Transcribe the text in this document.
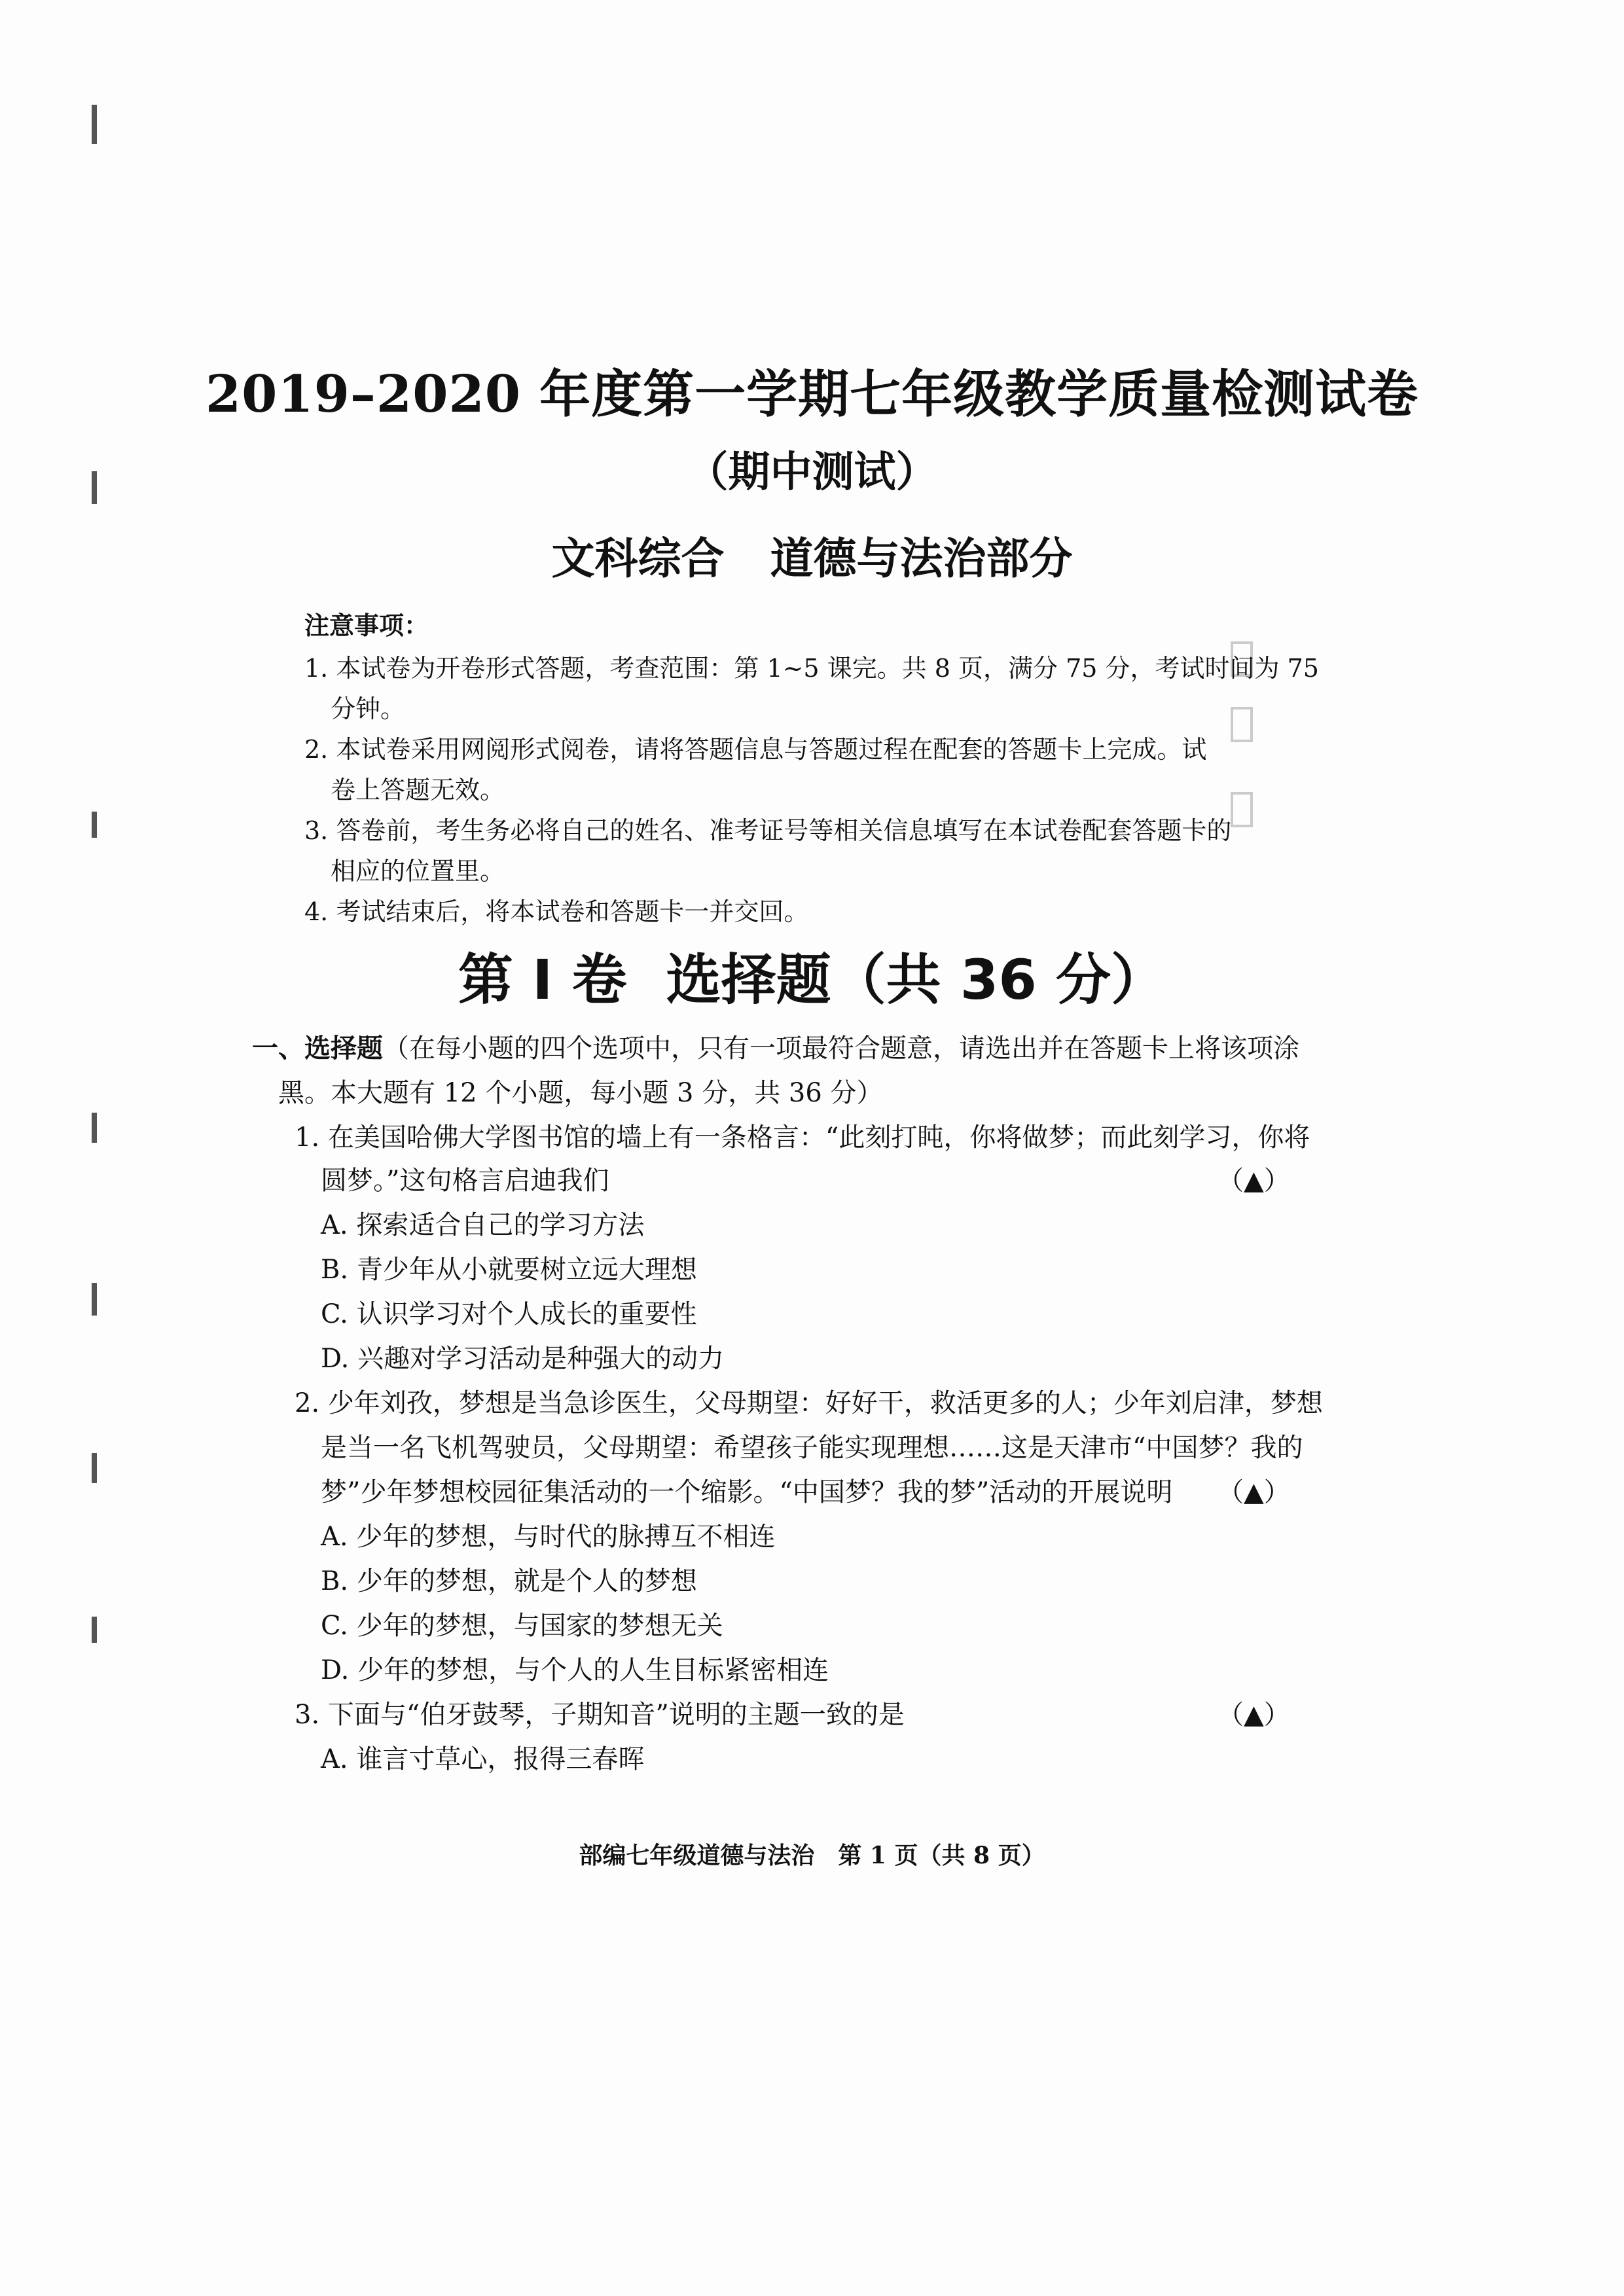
2019–2020 年度第一学期七年级教学质量检测试卷
（期中测试）
文科综合 道德与法治部分
注意事项：
1. 本试卷为开卷形式答题，考查范围：第 1~5 课完。共 8 页，满分 75 分，考试时间为 75
分钟。
2. 本试卷采用网阅形式阅卷，请将答题信息与答题过程在配套的答题卡上完成。试
卷上答题无效。
3. 答卷前，考生务必将自己的姓名、准考证号等相关信息填写在本试卷配套答题卡的
相应的位置里。
4. 考试结束后，将本试卷和答题卡一并交回。
第 I 卷 选择题（共 36 分）
一、选择题（在每小题的四个选项中，只有一项最符合题意，请选出并在答题卡上将该项涂
黑。本大题有 12 个小题，每小题 3 分，共 36 分）
1. 在美国哈佛大学图书馆的墙上有一条格言：“此刻打盹，你将做梦；而此刻学习，你将
圆梦。”这句格言启迪我们	（▲）
A. 探索适合自己的学习方法
B. 青少年从小就要树立远大理想
C. 认识学习对个人成长的重要性
D. 兴趣对学习活动是种强大的动力
2. 少年刘孜，梦想是当急诊医生，父母期望：好好干，救活更多的人；少年刘启津，梦想
是当一名飞机驾驶员，父母期望：希望孩子能实现理想……这是天津市“中国梦？我的
梦”少年梦想校园征集活动的一个缩影。“中国梦？我的梦”活动的开展说明 （▲）
A. 少年的梦想，与时代的脉搏互不相连
B. 少年的梦想，就是个人的梦想
C. 少年的梦想，与国家的梦想无关
D. 少年的梦想，与个人的人生目标紧密相连
3. 下面与“伯牙鼓琴，子期知音”说明的主题一致的是	（▲）
A. 谁言寸草心，报得三春晖
部编七年级道德与法治　第 1 页（共 8 页）
